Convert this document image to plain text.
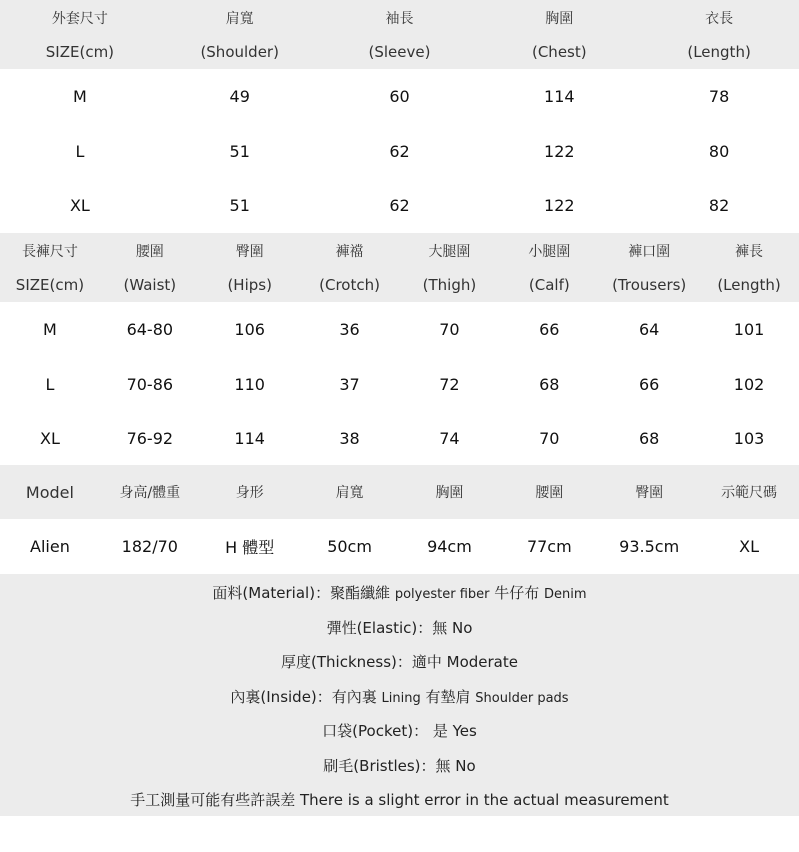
外套尺寸	肩寬	袖長	胸圍	衣長
SIZE(cm)	(Shoulder)	(Sleeve)	(Chest)	(Length)
M	49	60	114	78
L	51	62	122	80
XL	51	62	122	82
長褲尺寸	腰圍	臀圍	褲襠	大腿圍	小腿圍	褲口圍	褲長
SIZE(cm)	(Waist)	(Hips)	(Crotch)	(Thigh)	(Calf)	(Trousers)	(Length)
M	64-80	106	36	70	66	64	101
L	70-86	110	37	72	68	66	102
XL	76-92	114	38	74	70	68	103
Model	身高/體重	身形	肩寬	胸圍	腰圍	臀圍	示範尺碼
Alien	182/70	H 體型	50cm	94cm	77cm	93.5cm	XL
面料(Material)：聚酯纖維 polyester fiber 牛仔布 Denim
彈性(Elastic)：無 No
厚度(Thickness)：適中 Moderate
內裏(Inside)：有內裏 Lining 有墊肩 Shoulder pads
口袋(Pocket)： 是 Yes
刷毛(Bristles)：無 No
手工測量可能有些許誤差 There is a slight error in the actual measurement
